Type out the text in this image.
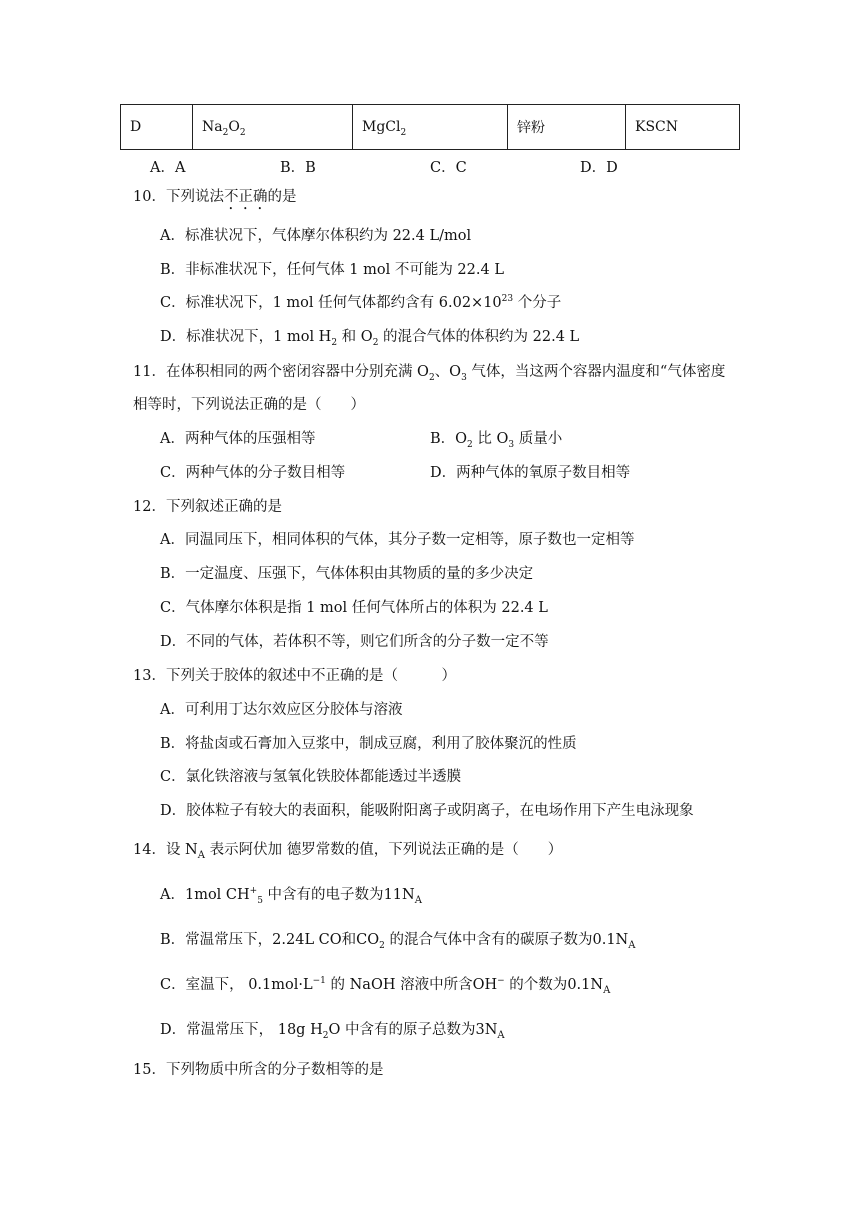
D	$Na_2O_2$	MgCl$_2$	锌粉	KSCN
A．A	B．B	C．C	D．D
10．下列说法不正确的是
A．标准状况下，气体摩尔体积约为 22.4 L/mol
B．非标准状况下，任何气体 1 mol 不可能为 22.4 L
C．标准状况下，1 mol 任何气体都约含有 $6.02\times 10^{23}$ 个分子
D．标准状况下，1 mol $H_2$ 和 $O_2$ 的混合气体的体积约为 22.4 L
11．在体积相同的两个密闭容器中分别充满 $O_2$、$O_3$ 气体，当这两个容器内温度和“气体密度
相等时，下列说法正确的是（　　）
A．两种气体的压强相等	B．$O_2$ 比 $O_3$ 质量小
C．两种气体的分子数目相等	D．两种气体的氧原子数目相等
12．下列叙述正确的是
A．同温同压下，相同体积的气体，其分子数一定相等，原子数也一定相等
B．一定温度、压强下，气体体积由其物质的量的多少决定
C．气体摩尔体积是指 1 mol 任何气体所占的体积为 22.4 L
D．不同的气体，若体积不等，则它们所含的分子数一定不等
13．下列关于胶体的叙述中不正确的是（　　　）
A．可利用丁达尔效应区分胶体与溶液
B．将盐卤或石膏加入豆浆中，制成豆腐，利用了胶体聚沉的性质
C．氯化铁溶液与氢氧化铁胶体都能透过半透膜
D．胶体粒子有较大的表面积，能吸附阳离子或阴离子，在电场作用下产生电泳现象
14．设 $N_A$ 表示阿伏加 德罗常数的值，下列说法正确的是（　　）
A．1mol $CH^+_5$ 中含有的电子数为$11N_A$
B．常温常压下，2.24L CO和$CO_2$ 的混合气体中含有的碳原子数为$0.1N_A$
C．室温下， $0.1mol\cdot L^{-1}$ 的 NaOH 溶液中所含OH− 的个数为$0.1N_A$
D．常温常压下， 18g $H_2O$ 中含有的原子总数为$3N_A$
15．下列物质中所含的分子数相等的是
